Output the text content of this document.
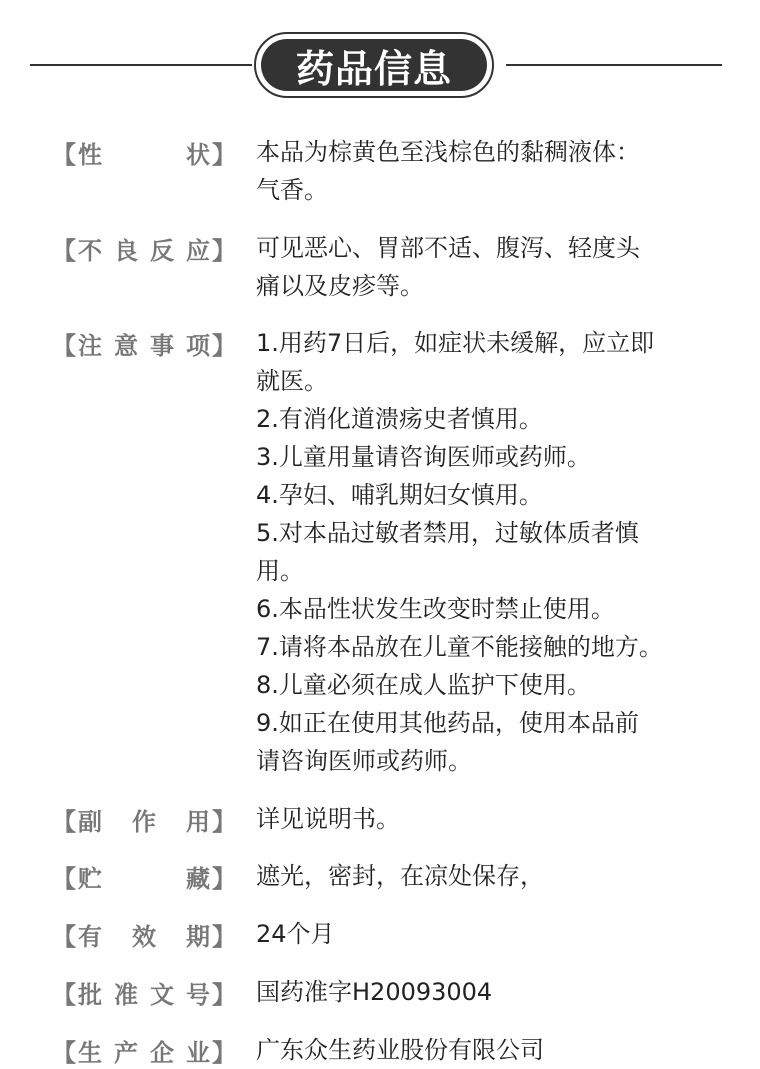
药品信息
【 性	状 】 本品为棕黄色至浅棕色的黏稠液体：
气香。
【 不 良 反 应 】 可见恶心、胃部不适、腹泻、轻度头
痛以及皮疹等。
【 注 意 事 项 】 1.用药7日后，如症状未缓解，应立即
就医。
2.有消化道溃疡史者慎用。
3.儿童用量请咨询医师或药师。
4.孕妇、哺乳期妇女慎用。
5.对本品过敏者禁用，过敏体质者慎
用。
6.本品性状发生改变时禁止使用。
7.请将本品放在儿童不能接触的地方。
8.儿童必须在成人监护下使用。
9.如正在使用其他药品，使用本品前
请咨询医师或药师。
【 副 作 用 】 详见说明书。
【 贮	藏 】 遮光，密封，在凉处保存，
【 有 效 期 】 24个月
【 批 准 文 号 】 国药准字H20093004
【 生 产 企 业 】 广东众生药业股份有限公司
